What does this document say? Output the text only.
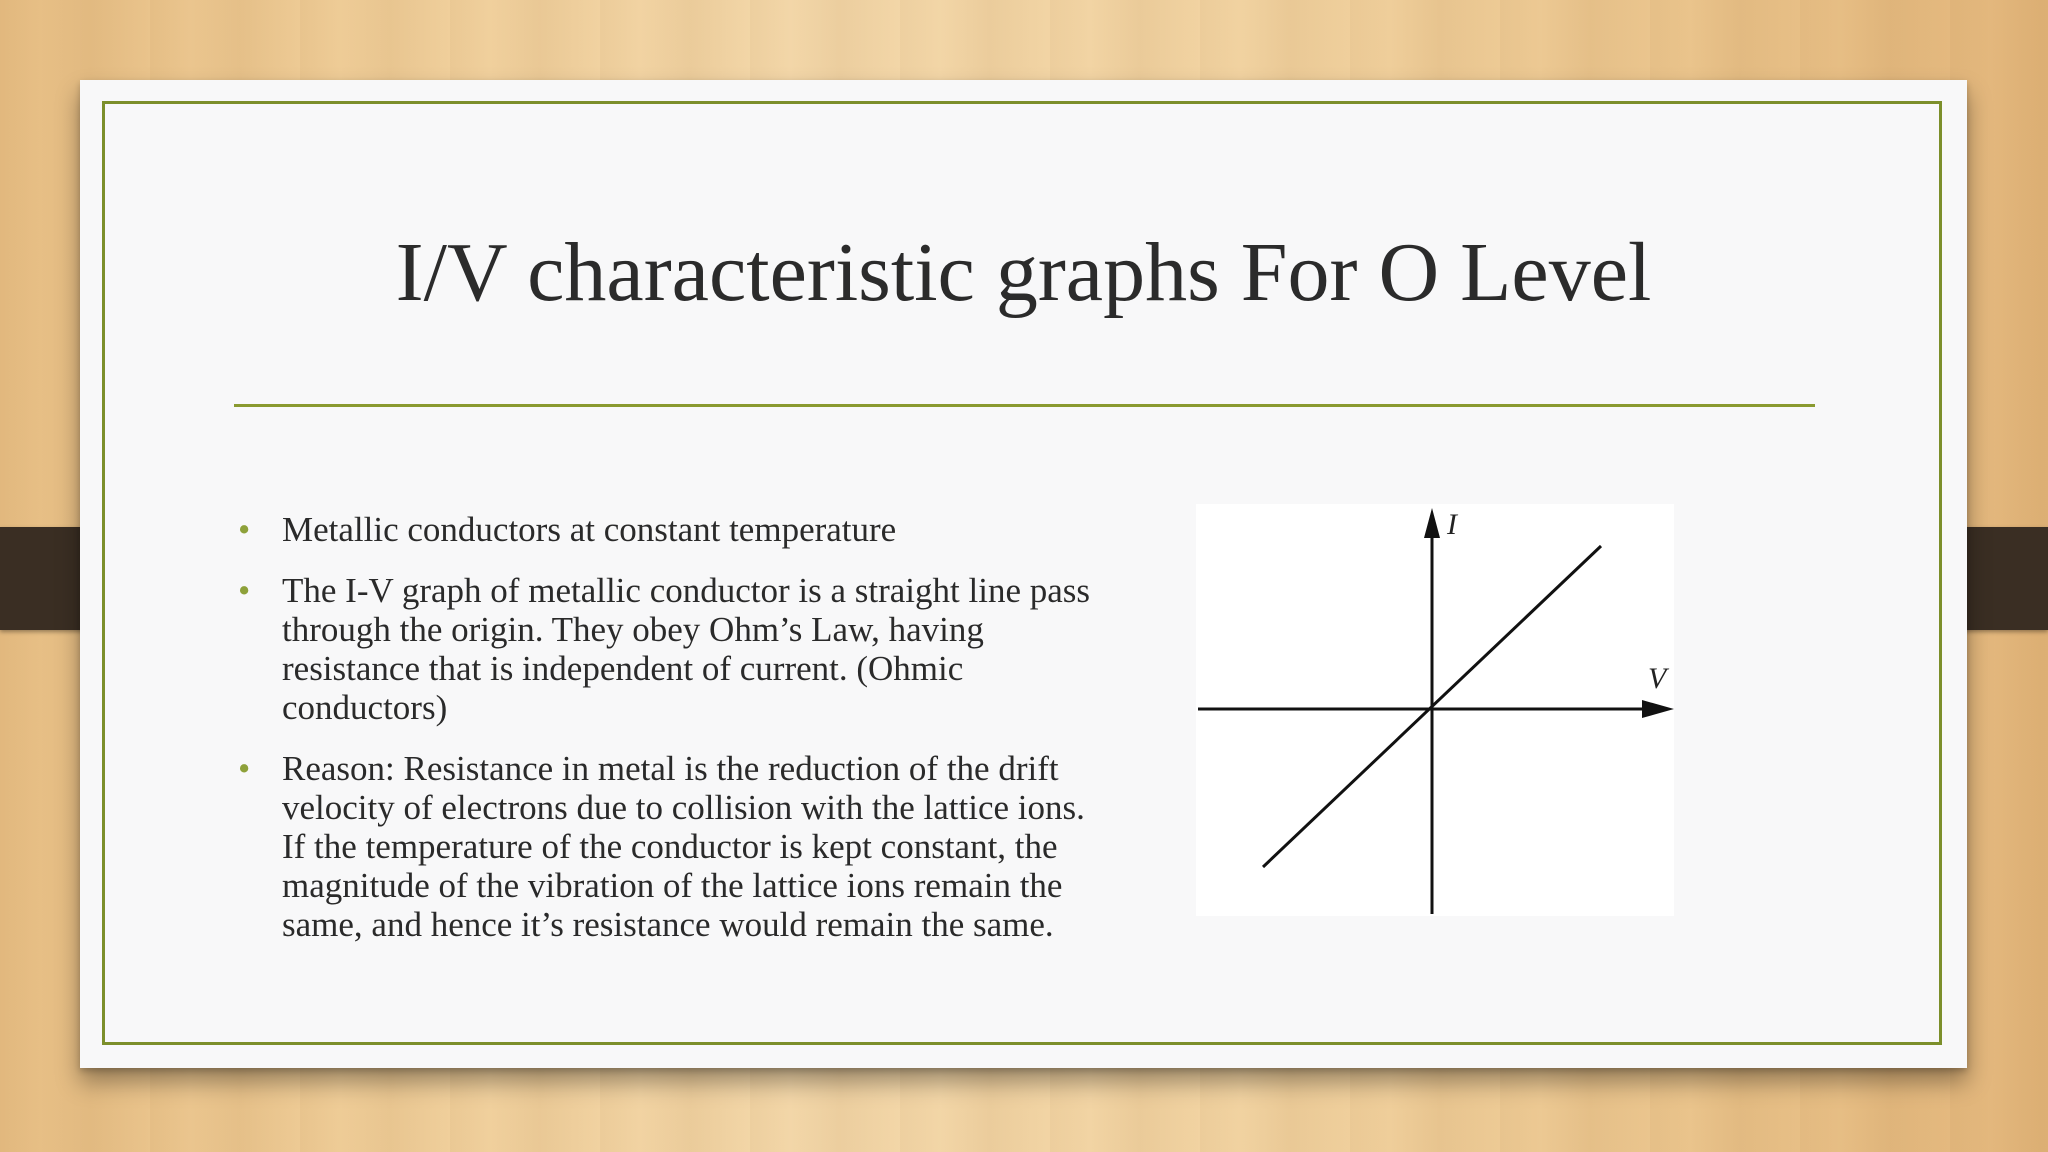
I/V characteristic graphs For O Level
• Metallic conductors at constant temperature
• The I-V graph of metallic conductor is a straight line pass through the origin. They obey Ohm’s Law, having resistance that is independent of current. (Ohmic conductors)
• Reason: Resistance in metal is the reduction of the drift velocity of electrons due to collision with the lattice ions. If the temperature of the conductor is kept constant, the magnitude of the vibration of the lattice ions remain the same, and hence it’s resistance would remain the same.
I
V
